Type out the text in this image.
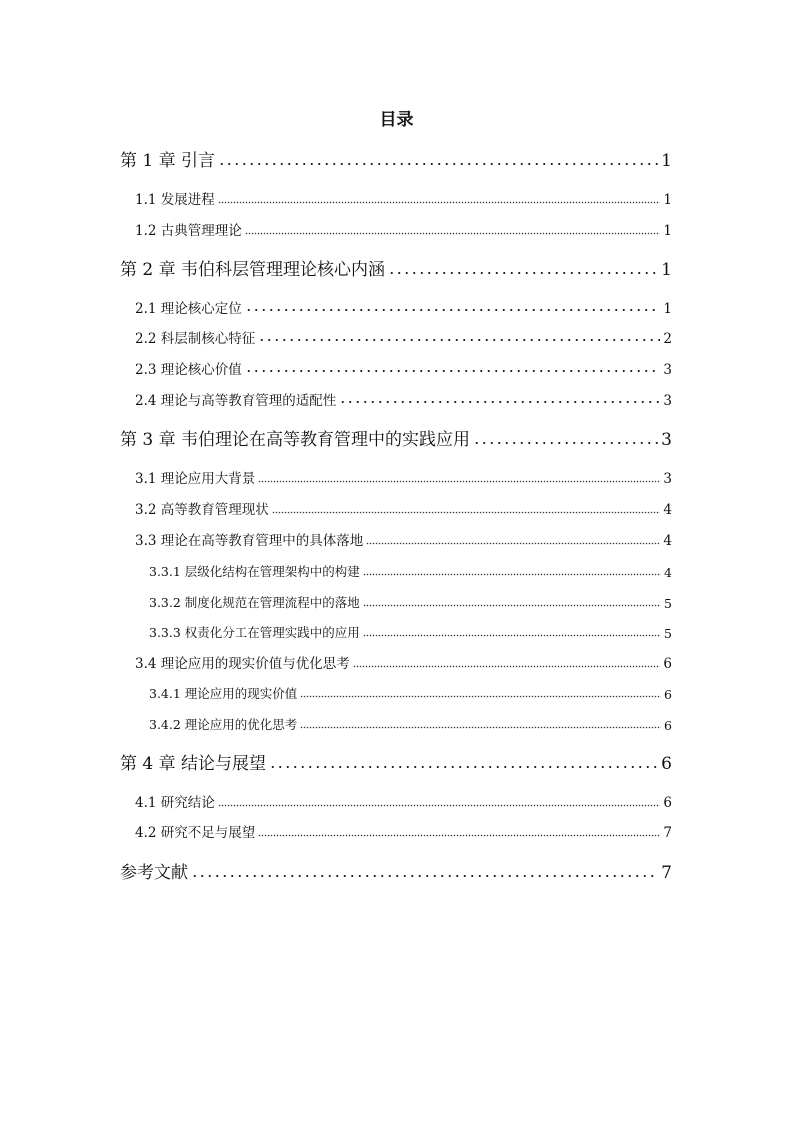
目录
第 1 章 引言	1
1.1 发展进程	1
1.2 古典管理理论	1
第 2 章 韦伯科层管理理论核心内涵	1
2.1 理论核心定位	1
2.2 科层制核心特征	2
2.3 理论核心价值	3
2.4 理论与高等教育管理的适配性	3
第 3 章 韦伯理论在高等教育管理中的实践应用	3
3.1 理论应用大背景	3
3.2 高等教育管理现状	4
3.3 理论在高等教育管理中的具体落地	4
3.3.1 层级化结构在管理架构中的构建	4
3.3.2 制度化规范在管理流程中的落地	5
3.3.3 权责化分工在管理实践中的应用	5
3.4 理论应用的现实价值与优化思考	6
3.4.1 理论应用的现实价值	6
3.4.2 理论应用的优化思考	6
第 4 章 结论与展望	6
4.1 研究结论	6
4.2 研究不足与展望	7
参考文献	7
